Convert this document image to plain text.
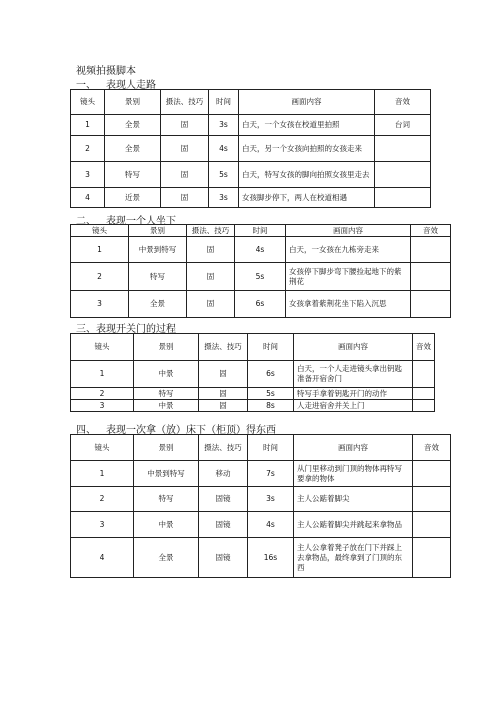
视频拍摄脚本
一、 表现人走路
镜头	景别	摄法、技巧	时间	画面内容	音效
1	全景	固	3s	白天，一个女孩在校道里拍照	台词
2	全景	固	4s	白天，另一个女孩向拍照的女孩走来	
3	特写	固	5s	白天，特写女孩的脚向拍照女孩里走去	
4	近景	固	3s	女孩脚步停下，两人在校道相遇	
二、 表现一个人坐下
镜头	景别	摄法、技巧	时间	画面内容	音效
1	中景到特写	固	4s	白天，一女孩在九栋旁走来	
2	特写	固	5s	女孩停下脚步弯下腰捡起地下的紫荆花	
3	全景	固	6s	女孩拿着紫荆花坐下陷入沉思	
三、表现开关门的过程
镜头	景别	摄法、技巧	时间	画面内容	音效
1	中景	固	6s	白天，一个人走进镜头拿出钥匙准备开宿舍门	
2	特写	固	5s	特写手拿着钥匙开门的动作	
3	中景	固	8s	人走进宿舍并关上门	
四、 表现一次拿（放）床下（柜顶）得东西
镜头	景别	摄法、技巧	时间	画面内容	音效
1	中景到特写	移动	7s	从门里移动到门顶的物体再特写要拿的物体	
2	特写	固镜	3s	主人公踮着脚尖	
3	中景	固镜	4s	主人公踮着脚尖并跳起来拿物品	
4	全景	固镜	16s	主人公拿着凳子放在门下并踩上去拿物品，最终拿到了门顶的东西	
